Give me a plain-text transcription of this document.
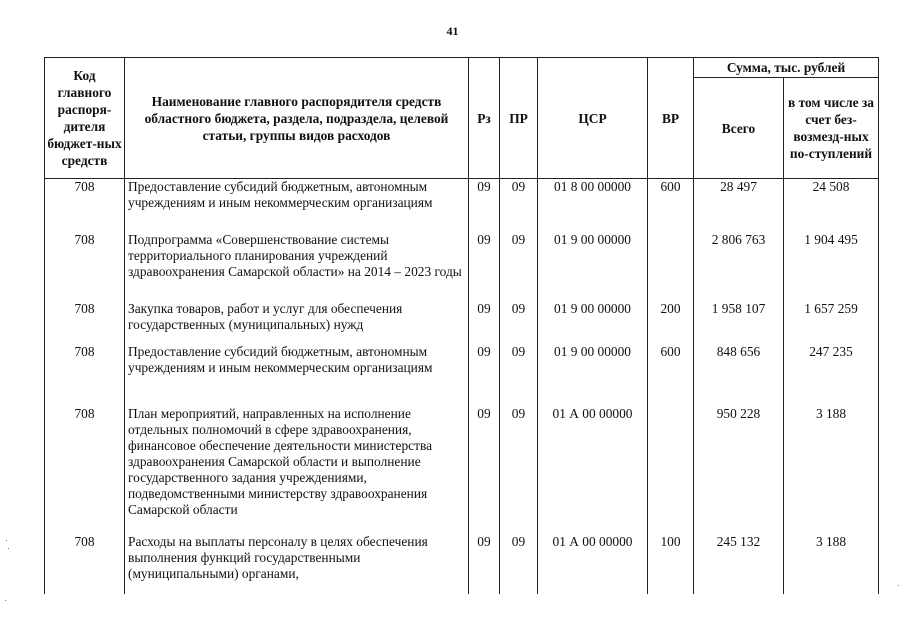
41
Код главного распоря-дителя бюджет-ных средств	Наименование главного распорядителя средств областного бюджета, раздела, подраздела, целевой статьи, группы видов расходов	Рз	ПР	ЦСР	ВР	Сумма, тыс. рублей	
						Всего	в том числе за счет без-возмезд-ных по-ступлений
708	Предоставление субсидий бюджетным, автономным учреждениям и иным некоммерческим организациям	09	09	01 8 00 00000	600	28 497	24 508
708	Подпрограмма «Совершенствование системы территориального планирования учреждений здравоохранения Самарской области» на 2014 – 2023 годы	09	09	01 9 00 00000		2 806 763	1 904 495
708	Закупка товаров, работ и услуг для обеспечения государственных (муниципальных) нужд	09	09	01 9 00 00000	200	1 958 107	1 657 259
708	Предоставление субсидий бюджетным, автономным учреждениям и иным некоммерческим организациям	09	09	01 9 00 00000	600	848 656	247 235
708	План мероприятий, направленных на исполнение отдельных полномочий в сфере здравоохранения, финансовое обеспечение деятельности министерства здравоохранения Самарской области и выполнение государственного задания учреждениями, подведомственными министерству здравоохранения Самарской области	09	09	01 А 00 00000		950 228	3 188
708	Расходы на выплаты персоналу в целях обеспечения выполнения функций государственными (муниципальными) органами,	09	09	01 А 00 00000	100	245 132	3 188
